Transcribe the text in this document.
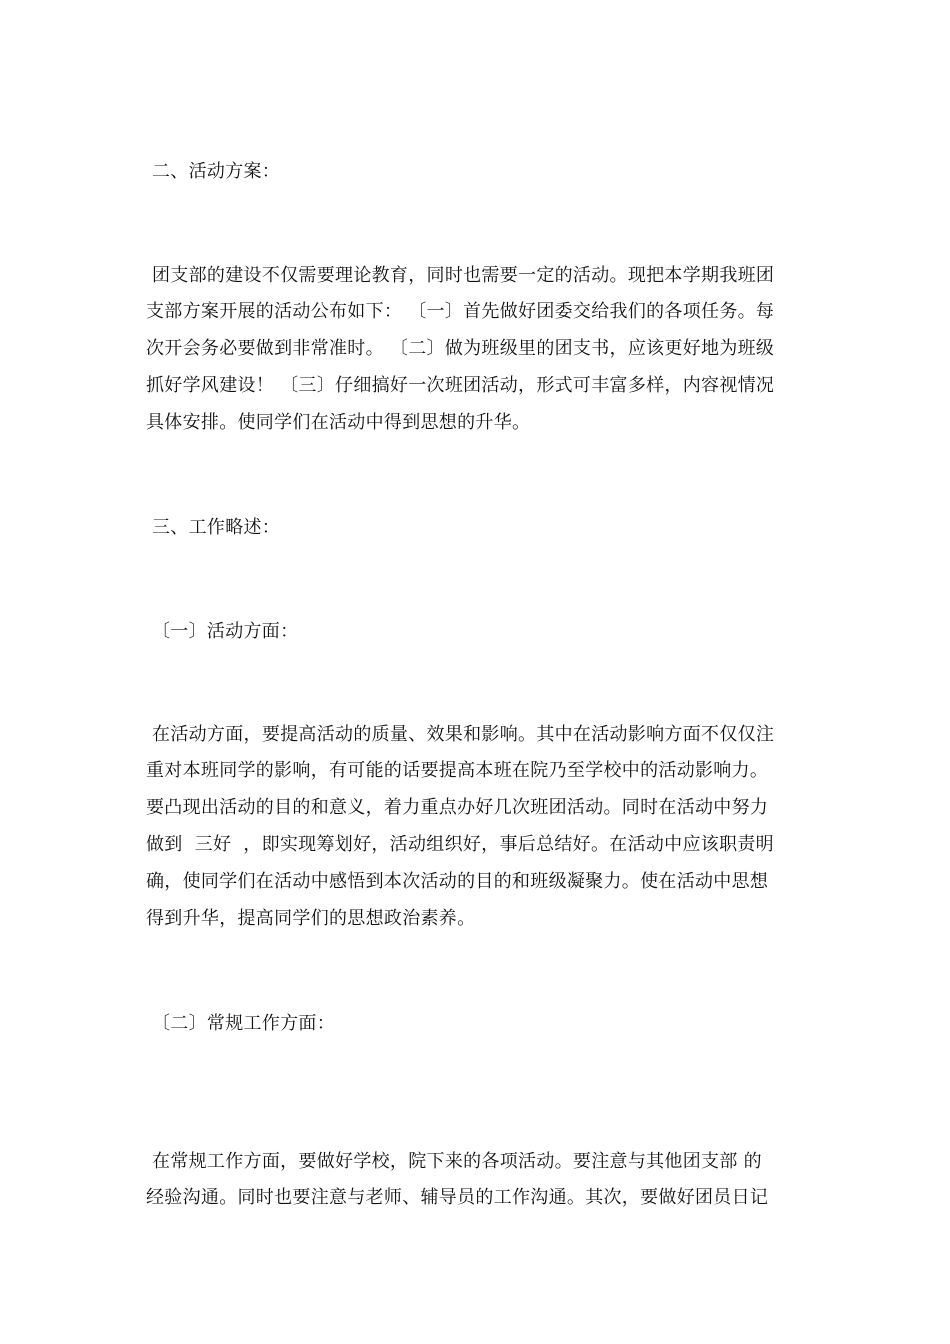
二、活动方案：
团支部的建设不仅需要理论教育，同时也需要一定的活动。现把本学期我班团
支部方案开展的活动公布如下： 〔一〕首先做好团委交给我们的各项任务。每
次开会务必要做到非常准时。 〔二〕做为班级里的团支书，应该更好地为班级
抓好学风建设！ 〔三〕仔细搞好一次班团活动，形式可丰富多样，内容视情况
具体安排。使同学们在活动中得到思想的升华。
三、工作略述：
〔一〕活动方面：
在活动方面，要提高活动的质量、效果和影响。其中在活动影响方面不仅仅注
重对本班同学的影响，有可能的话要提高本班在院乃至学校中的活动影响力。
要凸现出活动的目的和意义，着力重点办好几次班团活动。同时在活动中努力
做到  三好  ，即实现筹划好，活动组织好，事后总结好。在活动中应该职责明
确，使同学们在活动中感悟到本次活动的目的和班级凝聚力。使在活动中思想
得到升华，提高同学们的思想政治素养。
〔二〕常规工作方面：
在常规工作方面，要做好学校，院下来的各项活动。要注意与其他团支部 的
经验沟通。同时也要注意与老师、辅导员的工作沟通。其次，要做好团员日记
